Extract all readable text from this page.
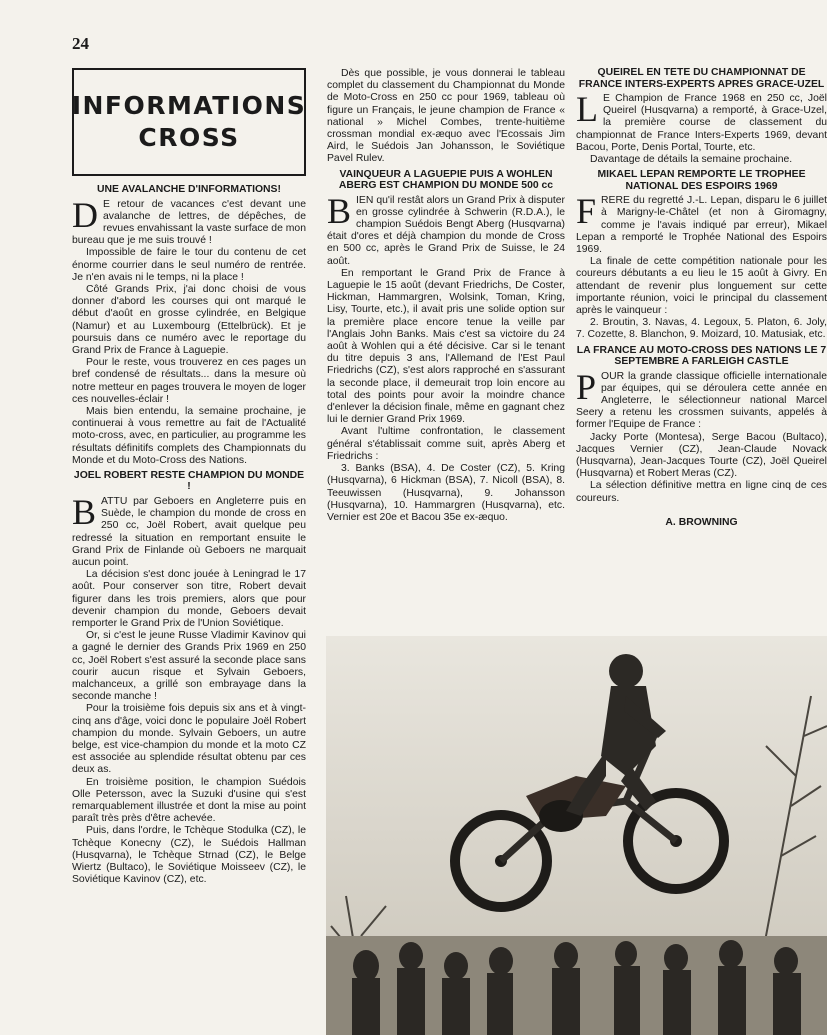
24
INFORMATIONS
CROSS
UNE AVALANCHE D'INFORMATIONS!

D E retour de vacances c'est devant une avalanche de lettres, de dépêches, de revues envahissant la vaste surface de mon bureau que je me suis trouvé !

Impossible de faire le tour du contenu de cet énorme courrier dans le seul numéro de rentrée. Je n'en avais ni le temps, ni la place !

Côté Grands Prix, j'ai donc choisi de vous donner d'abord les courses qui ont marqué le début d'août en grosse cylindrée, en Belgique (Namur) et au Luxembourg (Ettelbrück). Et je poursuis dans ce numéro avec le reportage du Grand Prix de France à Laguepie.

Pour le reste, vous trouverez en ces pages un bref condensé de résultats... dans la mesure où notre metteur en pages trouvera le moyen de loger ces nouvelles-éclair !

Mais bien entendu, la semaine prochaine, je continuerai à vous remettre au fait de l'Actualité moto-cross, avec, en particulier, au programme les résultats définitifs complets des Championnats du Monde et du Moto-Cross des Nations.

JOEL ROBERT RESTE CHAMPION DU MONDE !

BATTU par Geboers en Angleterre puis en Suède, le champion du monde de cross en 250 cc, Joël Robert, avait quelque peu redressé la situation en remportant ensuite le Grand Prix de Finlande où Geboers ne marquait aucun point.

La décision s'est donc jouée à Leningrad le 17 août. Pour conserver son titre, Robert devait figurer dans les trois premiers, alors que pour devenir champion du monde, Geboers devait remporter le Grand Prix de l'Union Soviétique.

Or, si c'est le jeune Russe Vladimir Kavinov qui a gagné le dernier des Grands Prix 1969 en 250 cc, Joël Robert s'est assuré la seconde place sans courir aucun risque et Sylvain Geboers, malchanceux, a grillé son embrayage dans la seconde manche !

Pour la troisième fois depuis six ans et à vingt-cinq ans d'âge, voici donc le populaire Joël Robert champion du monde. Sylvain Geboers, un autre belge, est vice-champion du monde et la moto CZ est associée au splendide résultat obtenu par ces deux as.

En troisième position, le champion Suédois Olle Petersson, avec la Suzuki d'usine qui s'est remarquablement illustrée et dont la mise au point paraît très près d'être achevée.

Puis, dans l'ordre, le Tchèque Stodulka (CZ), le Tchèque Konecny (CZ), le Suédois Hallman (Husqvarna), le Tchèque Strnad (CZ), le Belge Wiertz (Bultaco), le Soviétique Moisseev (CZ), le Soviétique Kavinov (CZ), etc.

Dès que possible, je vous donnerai le tableau complet du classement du Championnat du Monde de Moto-Cross en 250 cc pour 1969, tableau où figure un Français, le jeune champion de France « national » Michel Combes, trente-huitième crossman mondial ex-æquo avec l'Ecossais Jim Aird, le Suédois Jan Johansson, le Soviétique Pavel Rulev.

VAINQUEUR A LAGUEPIE PUIS A WOHLEN ABERG EST CHAMPION DU MONDE 500 cc

BIEN qu'il restât alors un Grand Prix à disputer en grosse cylindrée à Schwerin (R.D.A.), le champion Suédois Bengt Aberg (Husqvarna) était d'ores et déjà champion du monde de Cross en 500 cc, après le Grand Prix de Suisse, le 24 août.

En remportant le Grand Prix de France à Laguepie le 15 août (devant Friedrichs, De Coster, Hickman, Hammargren, Wolsink, Toman, Kring, Lisy, Tourte, etc.), il avait pris une solide option sur la première place encore tenue la veille par l'Anglais John Banks. Mais c'est sa victoire du 24 août à Wohlen qui a été décisive. Car si le tenant du titre depuis 3 ans, l'Allemand de l'Est Paul Friedrichs (CZ), s'est alors rapproché en s'assurant la seconde place, il demeurait trop loin encore au total des points pour avoir la moindre chance d'enlever la décision finale, même en gagnant chez lui le dernier Grand Prix 1969.

Avant l'ultime confrontation, le classement général s'établissait comme suit, après Aberg et Friedrichs :

3. Banks (BSA), 4. De Coster (CZ), 5. Kring (Husqvarna), 6 Hickman (BSA), 7. Nicoll (BSA), 8. Teeuwissen (Husqvarna), 9. Johansson (Husqvarna), 10. Hammargren (Husqvarna), etc. Vernier est 20e et Bacou 35e ex-æquo.

QUEIREL EN TETE DU CHAMPIONNAT DE FRANCE INTERS-EXPERTS APRES GRACE-UZEL

L E Champion de France 1968 en 250 cc, Joël Queirel (Husqvarna) a remporté, à Grace-Uzel, la première course de classement du championnat de France Inters-Experts 1969, devant Bacou, Porte, Denis Portal, Tourte, etc.

Davantage de détails la semaine prochaine.

MIKAEL LEPAN REMPORTE LE TROPHEE NATIONAL DES ESPOIRS 1969

FRERE du regretté J.-L. Lepan, disparu le 6 juillet à Marigny-le-Châtel (et non à Giromagny, comme je l'avais indiqué par erreur), Mikael Lepan a remporté le Trophée National des Espoirs 1969.

La finale de cette compétition nationale pour les coureurs débutants a eu lieu le 15 août à Givry. En attendant de revenir plus longuement sur cette importante réunion, voici le principal du classement après le vainqueur :

2. Broutin, 3. Navas, 4. Legoux, 5. Platon, 6. Joly, 7. Cozette, 8. Blanchon, 9. Moizard, 10. Matusiak, etc.

LA FRANCE AU MOTO-CROSS DES NATIONS LE 7 SEPTEMBRE A FARLEIGH CASTLE

POUR la grande classique officielle internationale par équipes, qui se déroulera cette année en Angleterre, le sélectionneur national Marcel Seery a retenu les crossmen suivants, appelés à former l'Equipe de France :

Jacky Porte (Montesa), Serge Bacou (Bultaco), Jacques Vernier (CZ), Jean-Claude Novack (Husqvarna), Jean-Jacques Tourte (CZ), Joël Queirel (Husqvarna) et Robert Meras (CZ).

La sélection définitive mettra en ligne cinq de ces coureurs.

A. BROWNING
